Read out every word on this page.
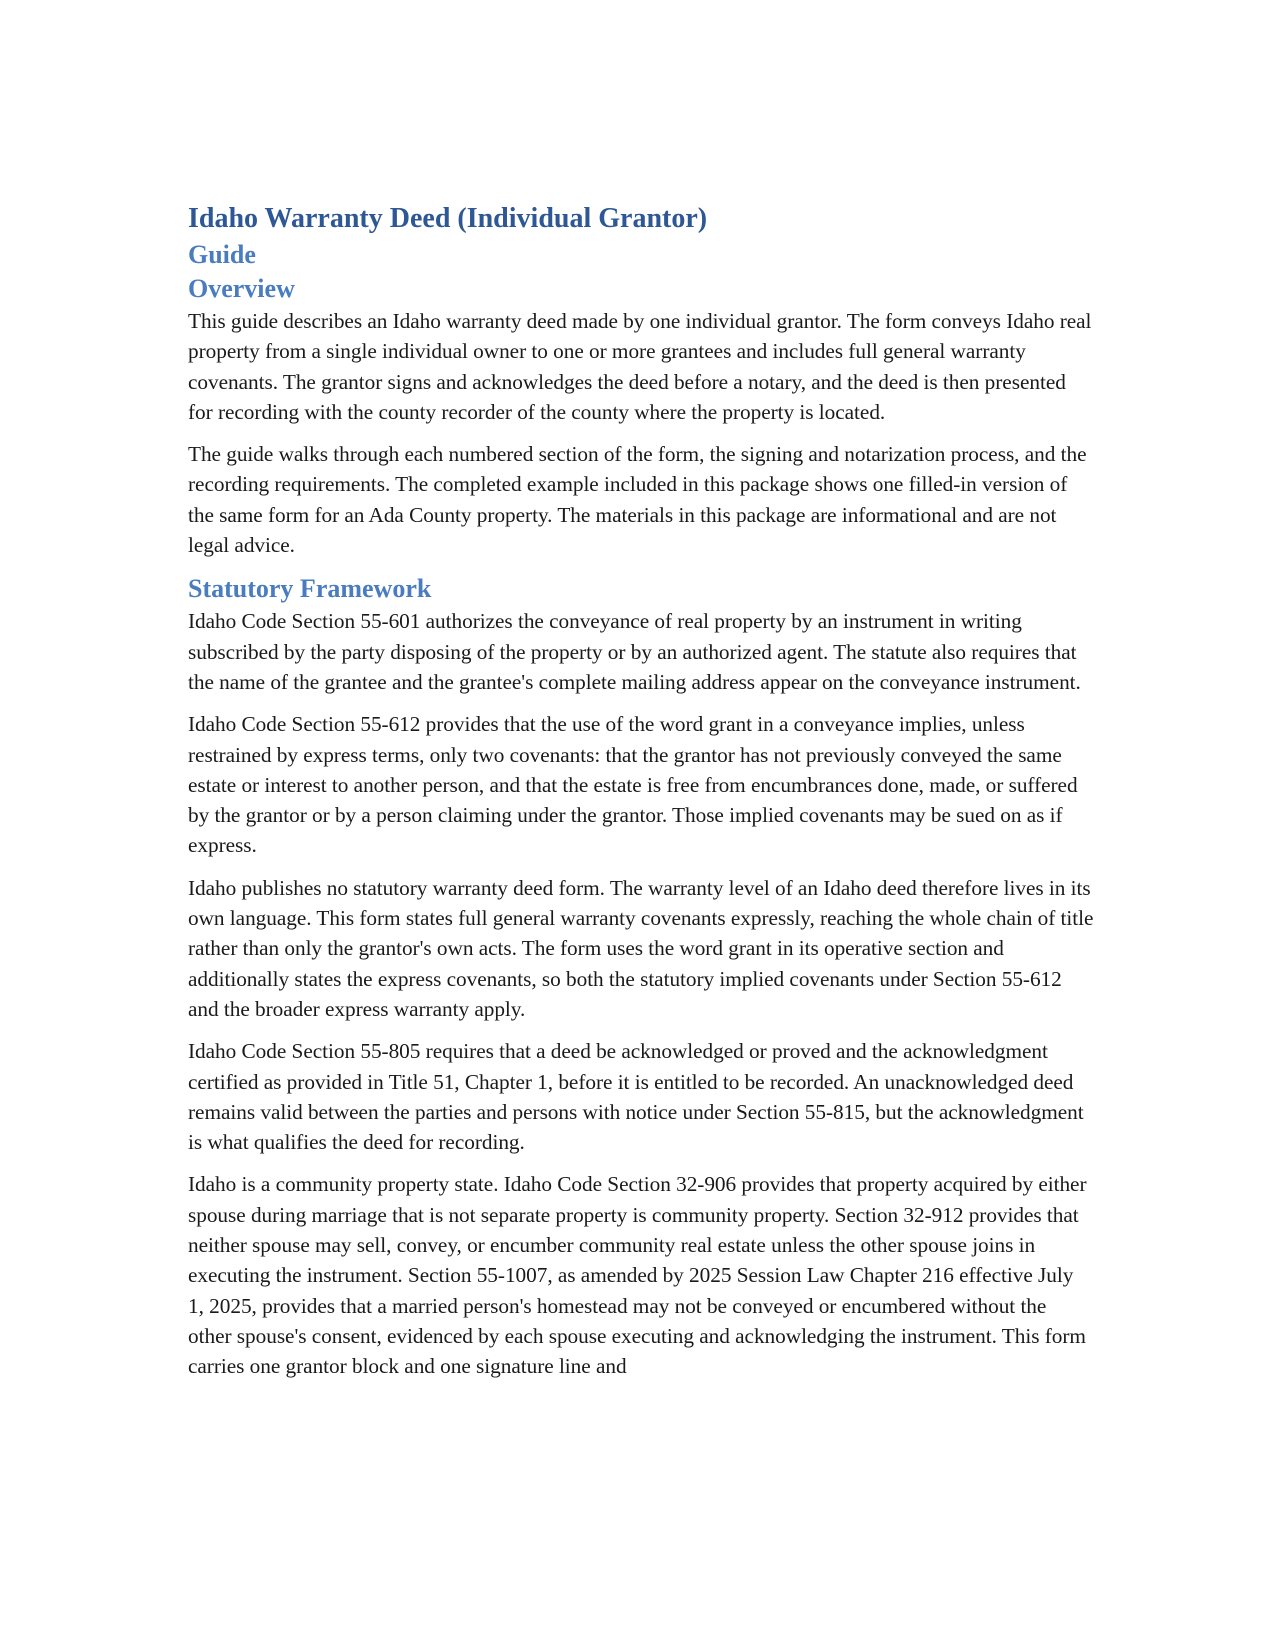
Idaho Warranty Deed (Individual Grantor)
Guide
Overview

This guide describes an Idaho warranty deed made by one individual grantor. The form conveys Idaho real property from a single individual owner to one or more grantees and includes full general warranty covenants. The grantor signs and acknowledges the deed before a notary, and the deed is then presented for recording with the county recorder of the county where the property is located.

The guide walks through each numbered section of the form, the signing and notarization process, and the recording requirements. The completed example included in this package shows one filled-in version of the same form for an Ada County property. The materials in this package are informational and are not legal advice.

Statutory Framework

Idaho Code Section 55-601 authorizes the conveyance of real property by an instrument in writing subscribed by the party disposing of the property or by an authorized agent. The statute also requires that the name of the grantee and the grantee's complete mailing address appear on the conveyance instrument.

Idaho Code Section 55-612 provides that the use of the word grant in a conveyance implies, unless restrained by express terms, only two covenants: that the grantor has not previously conveyed the same estate or interest to another person, and that the estate is free from encumbrances done, made, or suffered by the grantor or by a person claiming under the grantor. Those implied covenants may be sued on as if express.

Idaho publishes no statutory warranty deed form. The warranty level of an Idaho deed therefore lives in its own language. This form states full general warranty covenants expressly, reaching the whole chain of title rather than only the grantor's own acts. The form uses the word grant in its operative section and additionally states the express covenants, so both the statutory implied covenants under Section 55-612 and the broader express warranty apply.

Idaho Code Section 55-805 requires that a deed be acknowledged or proved and the acknowledgment certified as provided in Title 51, Chapter 1, before it is entitled to be recorded. An unacknowledged deed remains valid between the parties and persons with notice under Section 55-815, but the acknowledgment is what qualifies the deed for recording.

Idaho is a community property state. Idaho Code Section 32-906 provides that property acquired by either spouse during marriage that is not separate property is community property. Section 32-912 provides that neither spouse may sell, convey, or encumber community real estate unless the other spouse joins in executing the instrument. Section 55-1007, as amended by 2025 Session Law Chapter 216 effective July 1, 2025, provides that a married person's homestead may not be conveyed or encumbered without the other spouse's consent, evidenced by each spouse executing and acknowledging the instrument. This form carries one grantor block and one signature line and
